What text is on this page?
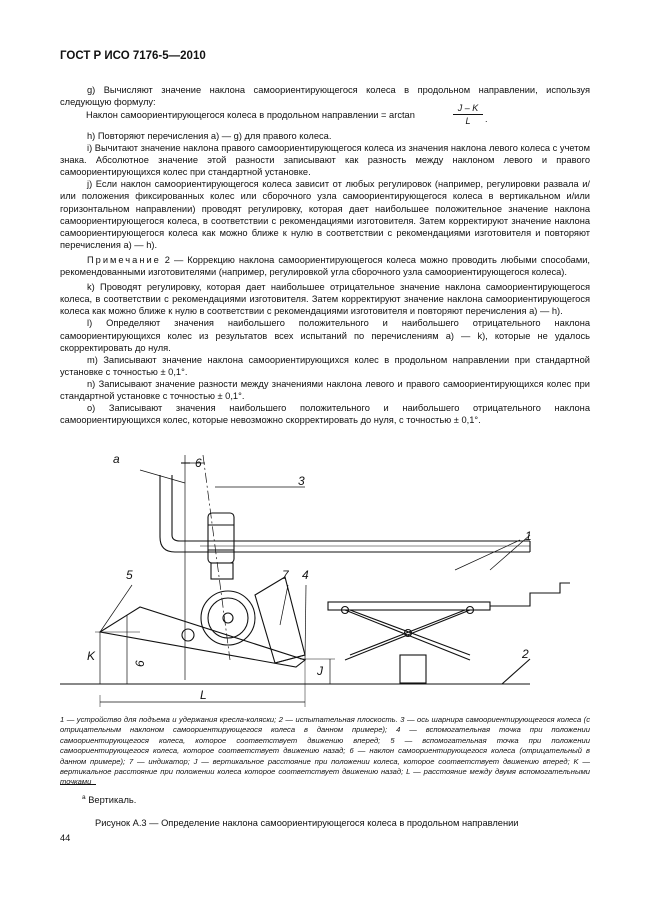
ГОСТ Р ИСО 7176-5—2010

g) Вычисляют значение наклона самоориентирующегося колеса в продольном направлении, используя следующую формулу:

Наклон самоориентирующегося колеса в продольном направлении = arctan	$\frac{J - K}{L}$ .

h) Повторяют перечисления а) — g) для правого колеса.

i) Вычитают значение наклона правого самоориентирующегося колеса из значения наклона левого колеса с учетом знака. Абсолютное значение этой разности записывают как разность между наклоном левого и правого самоориентирующихся колес при стандартной установке.

j) Если наклон самоориентирующегося колеса зависит от любых регулировок (например, регулировки развала и/или положения фиксированных колес или сборочного узла самоориентирующегося колеса в вертикальном и/или горизонтальном направлении) проводят регулировку, которая дает наибольшее положительное значение наклона самоориентирующегося колеса, в соответствии с рекомендациями изготовителя. Затем корректируют значение наклона самоориентирующегося колеса как можно ближе к нулю в соответствии с рекомендациями изготовителя и повторяют перечисления а) — h).

Примечание 2 — Коррекцию наклона самоориентирующегося колеса можно проводить любыми способами, рекомендованными изготовителями (например, регулировкой угла сборочного узла самоориентирующегося колеса).

k) Проводят регулировку, которая дает наибольшее отрицательное значение наклона самоориентирующегося колеса, в соответствии с рекомендациями изготовителя. Затем корректируют значение наклона самоориентирующегося колеса как можно ближе к нулю в соответствии с рекомендациями изготовителя и повторяют перечисления а) — h).

l) Определяют значения наибольшего положительного и наибольшего отрицательного наклона самоориентирующихся колес из результатов всех испытаний по перечислениям а) — k), которые не удалось скорректировать до нуля.

m) Записывают значение наклона самоориентирующихся колес в продольном направлении при стандартной установке с точностью ± 0,1°.

n) Записывают значение разности между значениями наклона левого и правого самоориентирующихся колес при стандартной установке с точностью ± 0,1°.

o) Записывают значения наибольшего положительного и наибольшего отрицательного наклона самоориентирующихся колес, которые невозможно скорректировать до нуля, с точностью ± 0,1°.

6
a
3
1
5	7 4
2
K
6
J
L
1 — устройство для подъема и удержания кресла-коляски; 2 — испытательная плоскость. 3 — ось шарнира самоориентирующегося колеса (с отрицательным наклоном самоориентирующегося колеса в данном примере); 4 — вспомогательная точка при положении самоориентирующегося колеса, которое соответствует движению вперед; 5 — вспомогательная точка при положении самоориентирующегося колеса, которое соответствует движению назад; 6 — наклон самоориентирующегося колеса (отрицательный в данном примере); 7 — индикатор; J — вертикальное расстояние при положении колеса, которое соответствует движению вперед; K — вертикальное расстояние при положении колеса которое соответствует движению назад; L — расстояние между двумя вспомогательными точками
$^а$ Вертикаль.
Рисунок А.3 — Определение наклона самоориентирующегося колеса в продольном направлении
44
